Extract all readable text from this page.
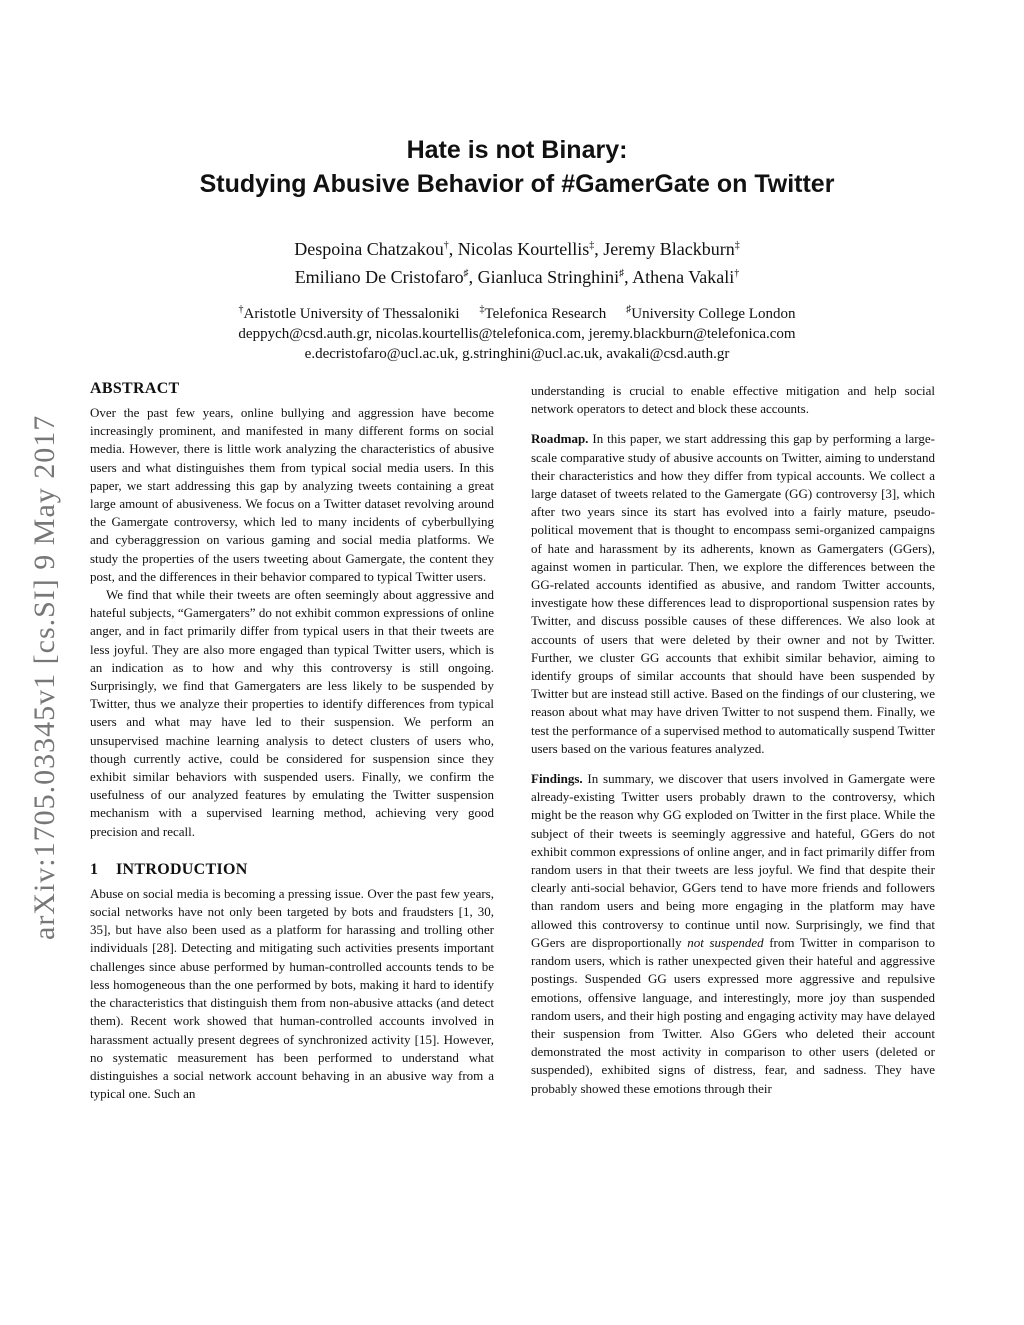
arXiv:1705.03345v1 [cs.SI] 9 May 2017
Hate is not Binary:
Studying Abusive Behavior of #GamerGate on Twitter
Despoina Chatzakou†, Nicolas Kourtellis‡, Jeremy Blackburn‡
Emiliano De Cristofaro♯, Gianluca Stringhini♯, Athena Vakali†
†Aristotle University of Thessaloniki ‡Telefonica Research ♯University College London
deppych@csd.auth.gr, nicolas.kourtellis@telefonica.com, jeremy.blackburn@telefonica.com
e.decristofaro@ucl.ac.uk, g.stringhini@ucl.ac.uk, avakali@csd.auth.gr
ABSTRACT

Over the past few years, online bullying and aggression have become increasingly prominent, and manifested in many different forms on social media. However, there is little work analyzing the characteristics of abusive users and what distinguishes them from typical social media users. In this paper, we start addressing this gap by analyzing tweets containing a great large amount of abusiveness. We focus on a Twitter dataset revolving around the Gamergate controversy, which led to many incidents of cyberbullying and cyberaggression on various gaming and social media platforms. We study the properties of the users tweeting about Gamergate, the content they post, and the differences in their behavior compared to typical Twitter users.

We find that while their tweets are often seemingly about aggressive and hateful subjects, “Gamergaters” do not exhibit common expressions of online anger, and in fact primarily differ from typical users in that their tweets are less joyful. They are also more engaged than typical Twitter users, which is an indication as to how and why this controversy is still ongoing. Surprisingly, we find that Gamergaters are less likely to be suspended by Twitter, thus we analyze their properties to identify differences from typical users and what may have led to their suspension. We perform an unsupervised machine learning analysis to detect clusters of users who, though currently active, could be considered for suspension since they exhibit similar behaviors with suspended users. Finally, we confirm the usefulness of our analyzed features by emulating the Twitter suspension mechanism with a supervised learning method, achieving very good precision and recall.

1 INTRODUCTION

Abuse on social media is becoming a pressing issue. Over the past few years, social networks have not only been targeted by bots and fraudsters [1, 30, 35], but have also been used as a platform for harassing and trolling other individuals [28]. Detecting and mitigating such activities presents important challenges since abuse performed by human-controlled accounts tends to be less homogeneous than the one performed by bots, making it hard to identify the characteristics that distinguish them from non-abusive attacks (and detect them). Recent work showed that human-controlled accounts involved in harassment actually present degrees of synchronized activity [15]. However, no systematic measurement has been performed to understand what distinguishes a social network account behaving in an abusive way from a typical one. Such an

understanding is crucial to enable effective mitigation and help social network operators to detect and block these accounts.

Roadmap. In this paper, we start addressing this gap by performing a large-scale comparative study of abusive accounts on Twitter, aiming to understand their characteristics and how they differ from typical accounts. We collect a large dataset of tweets related to the Gamergate (GG) controversy [3], which after two years since its start has evolved into a fairly mature, pseudo-political movement that is thought to encompass semi-organized campaigns of hate and harassment by its adherents, known as Gamergaters (GGers), against women in particular. Then, we explore the differences between the GG-related accounts identified as abusive, and random Twitter accounts, investigate how these differences lead to disproportional suspension rates by Twitter, and discuss possible causes of these differences. We also look at accounts of users that were deleted by their owner and not by Twitter. Further, we cluster GG accounts that exhibit similar behavior, aiming to identify groups of similar accounts that should have been suspended by Twitter but are instead still active. Based on the findings of our clustering, we reason about what may have driven Twitter to not suspend them. Finally, we test the performance of a supervised method to automatically suspend Twitter users based on the various features analyzed.

Findings. In summary, we discover that users involved in Gamergate were already-existing Twitter users probably drawn to the controversy, which might be the reason why GG exploded on Twitter in the first place. While the subject of their tweets is seemingly aggressive and hateful, GGers do not exhibit common expressions of online anger, and in fact primarily differ from random users in that their tweets are less joyful. We find that despite their clearly anti-social behavior, GGers tend to have more friends and followers than random users and being more engaging in the platform may have allowed this controversy to continue until now. Surprisingly, we find that GGers are disproportionally not suspended from Twitter in comparison to random users, which is rather unexpected given their hateful and aggressive postings. Suspended GG users expressed more aggressive and repulsive emotions, offensive language, and interestingly, more joy than suspended random users, and their high posting and engaging activity may have delayed their suspension from Twitter. Also GGers who deleted their account demonstrated the most activity in comparison to other users (deleted or suspended), exhibited signs of distress, fear, and sadness. They have probably showed these emotions through their
